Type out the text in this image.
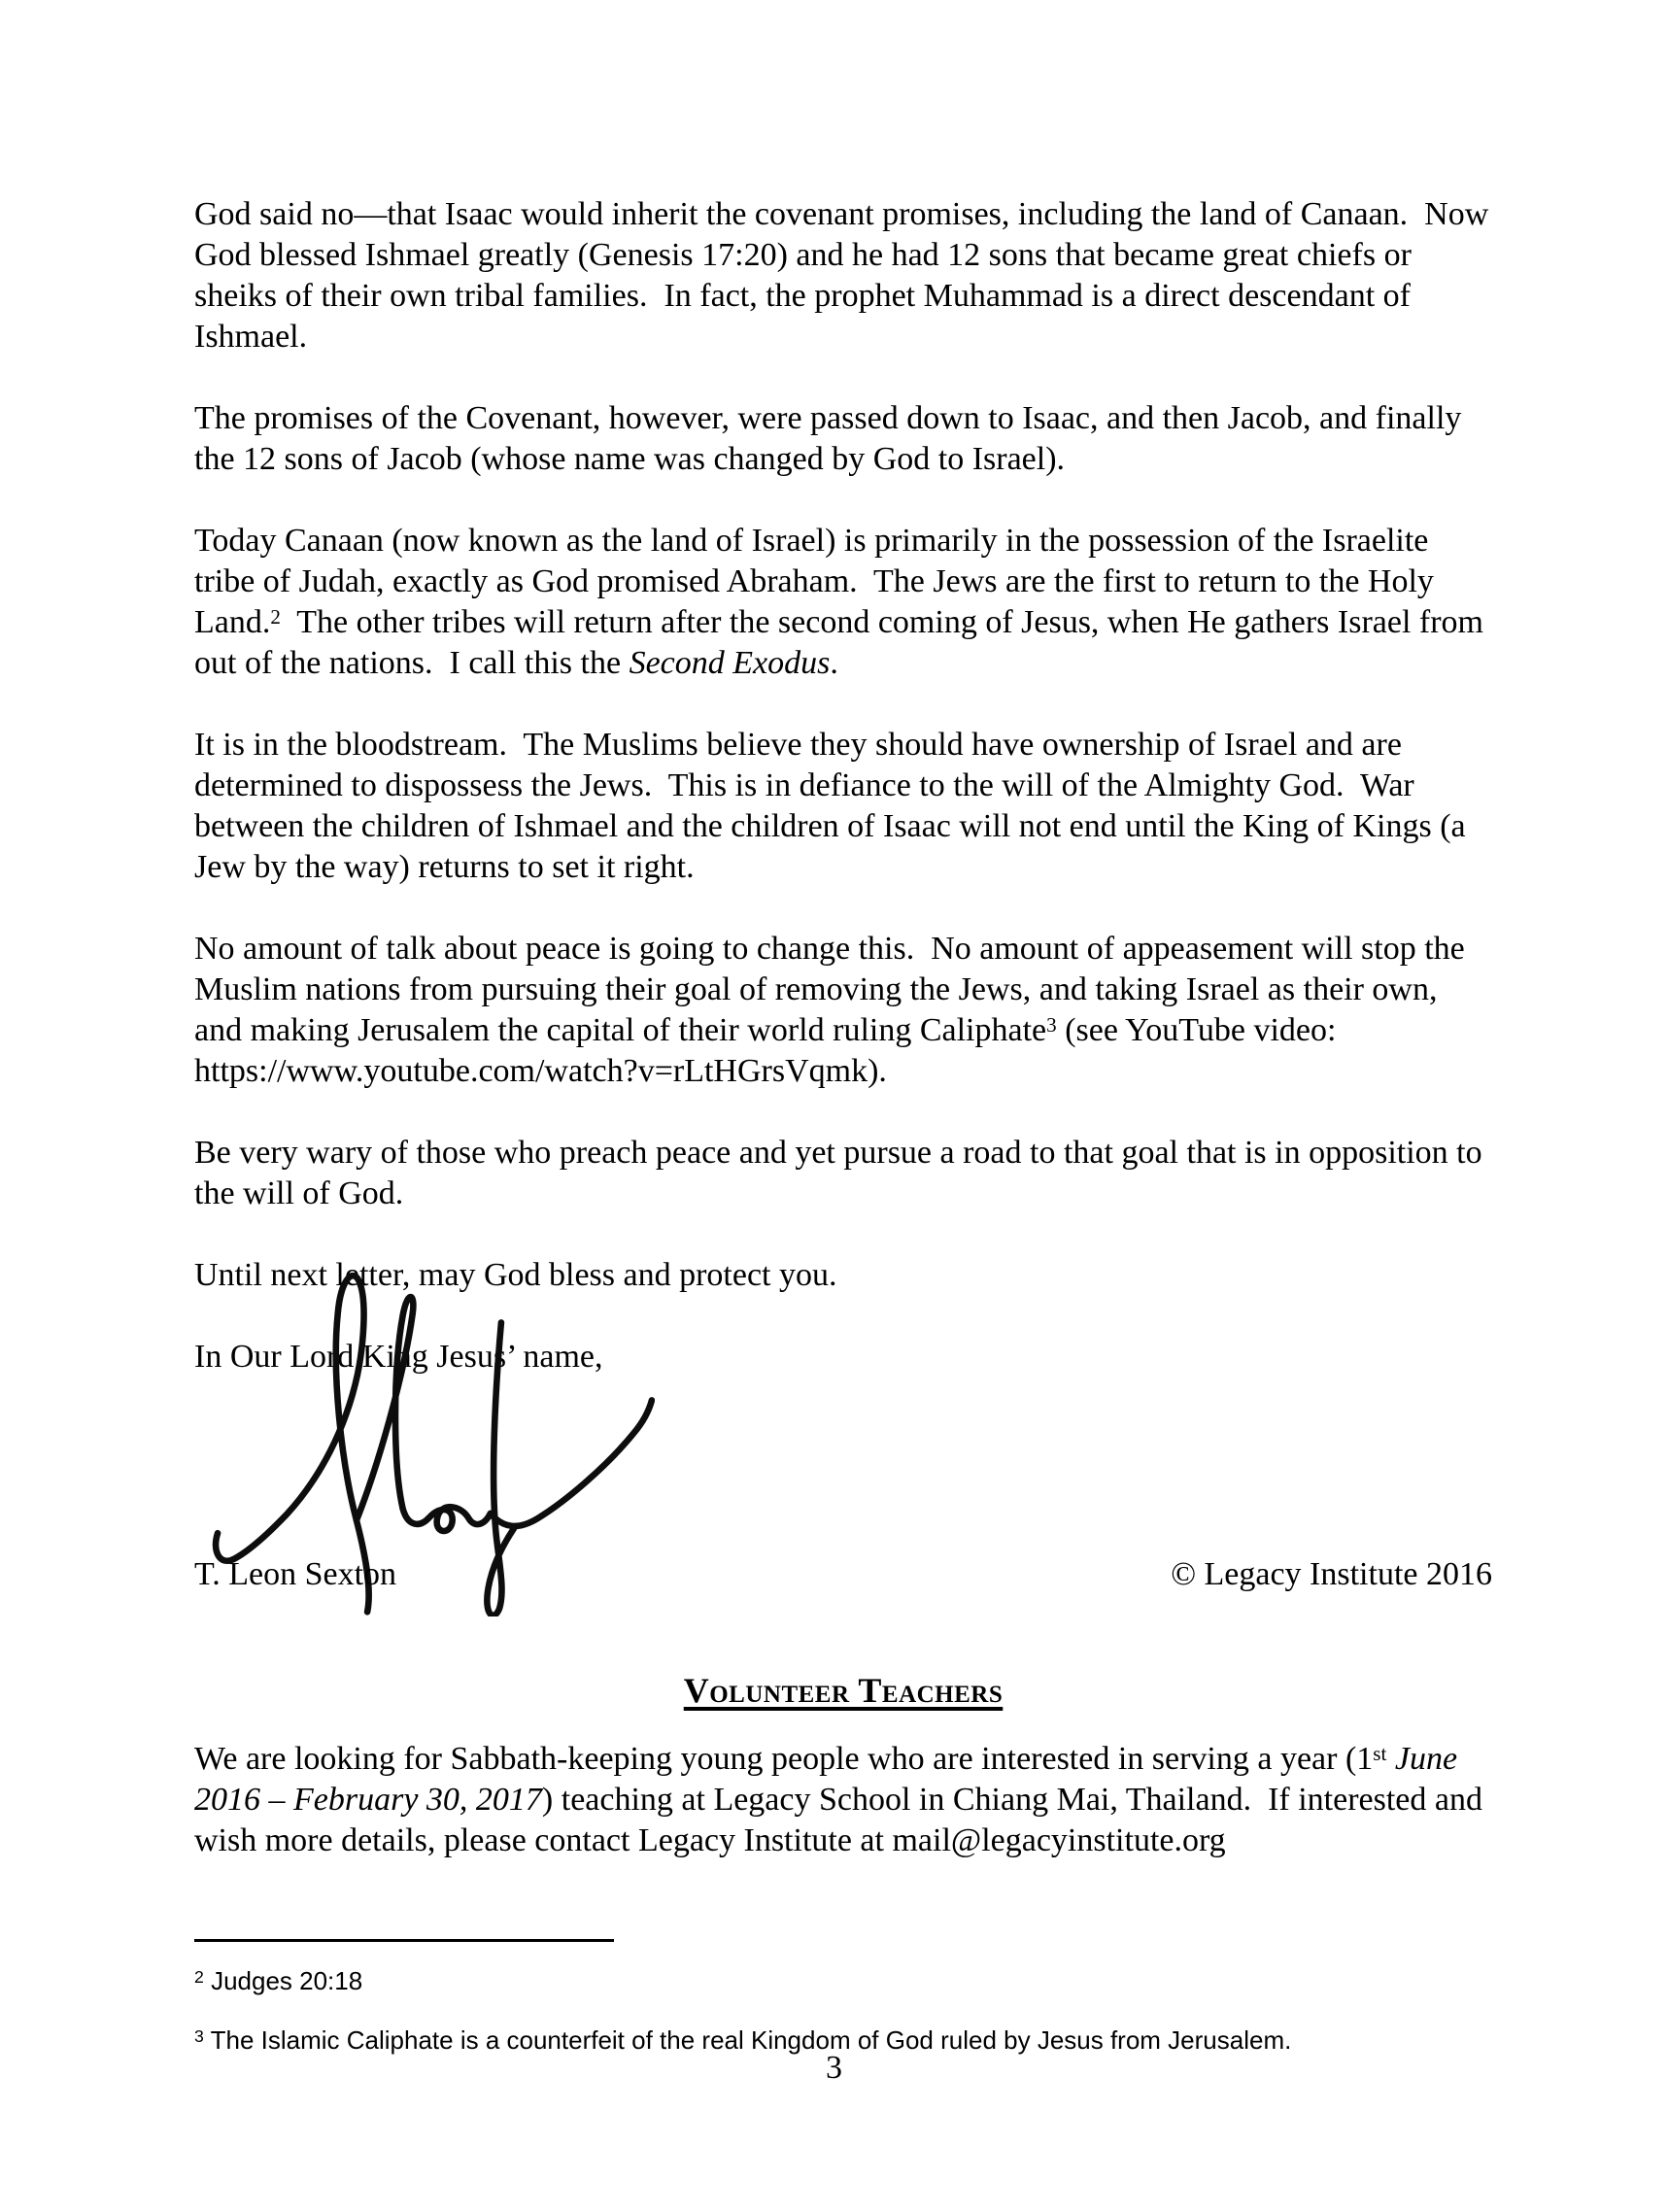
God said no—that Isaac would inherit the covenant promises, including the land of Canaan.  Now God blessed Ishmael greatly (Genesis 17:20) and he had 12 sons that became great chiefs or sheiks of their own tribal families.  In fact, the prophet Muhammad is a direct descendant of Ishmael.

The promises of the Covenant, however, were passed down to Isaac, and then Jacob, and finally the 12 sons of Jacob (whose name was changed by God to Israel).

Today Canaan (now known as the land of Israel) is primarily in the possession of the Israelite tribe of Judah, exactly as God promised Abraham.  The Jews are the first to return to the Holy Land.$^2$  The other tribes will return after the second coming of Jesus, when He gathers Israel from out of the nations.  I call this the Second Exodus.

It is in the bloodstream.  The Muslims believe they should have ownership of Israel and are determined to dispossess the Jews.  This is in defiance to the will of the Almighty God.  War between the children of Ishmael and the children of Isaac will not end until the King of Kings (a Jew by the way) returns to set it right.

No amount of talk about peace is going to change this.  No amount of appeasement will stop the Muslim nations from pursuing their goal of removing the Jews, and taking Israel as their own, and making Jerusalem the capital of their world ruling Caliphate$^3$ (see YouTube video: https://www.youtube.com/watch?v=rLtHGrsVqmk).

Be very wary of those who preach peace and yet pursue a road to that goal that is in opposition to the will of God.

Until next letter, may God bless and protect you.

In Our Lord King Jesus’ name,

T. Leon Sexton	© Legacy Institute 2016
Volunteer Teachers

We are looking for Sabbath-keeping young people who are interested in serving a year (1st June 2016 – February 30, 2017) teaching at Legacy School in Chiang Mai, Thailand.  If interested and wish more details, please contact Legacy Institute at mail@legacyinstitute.org

$^2$ Judges 20:18
$^3$ The Islamic Caliphate is a counterfeit of the real Kingdom of God ruled by Jesus from Jerusalem.
3
